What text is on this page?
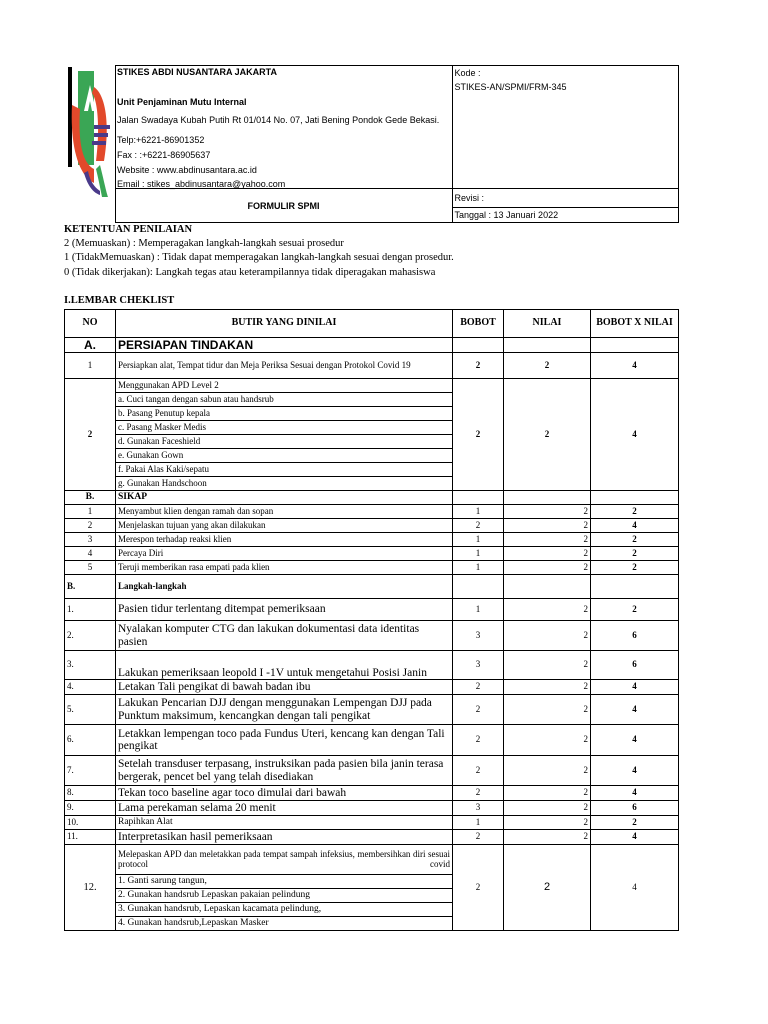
		Kode :
STIKES-AN/SPMI/FRM-345

	FORMULIR SPMI	Revisi :
		Tanggal : 13 Januari 2022
STIKES ABDI NUSANTARA JAKARTA
Unit Penjaminan Mutu Internal
Jalan Swadaya Kubah Putih Rt 01/014 No. 07, Jati Bening Pondok Gede Bekasi.
Telp:+6221-86901352
Fax : :+6221-86905637
Website : www.abdinusantara.ac.id
Email : stikes_abdinusantara@yahoo.com
KETENTUAN PENILAIAN
2 (Memuaskan) : Memperagakan langkah-langkah sesuai prosedur
1 (TidakMemuaskan) : Tidak dapat memperagakan langkah-langkah sesuai dengan prosedur.
0 (Tidak dikerjakan): Langkah tegas atau keterampilannya tidak diperagakan mahasiswa
I.LEMBAR CHEKLIST
NO	BUTIR YANG DINILAI	BOBOT	NILAI	BOBOT X NILAI
A.	PERSIAPAN TINDAKAN			
1	Persiapkan alat, Tempat tidur dan Meja Periksa Sesuai dengan Protokol Covid 19	2	2	4
2	Menggunakan APD Level 2	2	2	4
	a. Cuci tangan dengan sabun atau handsrub			
	b. Pasang Penutup kepala			
	c. Pasang Masker Medis			
	d. Gunakan Faceshield			
	e. Gunakan Gown			
	f. Pakai Alas Kaki/sepatu			
	g. Gunakan Handschoon			
B.	SIKAP			
1	Menyambut klien dengan ramah dan sopan	1	2	2
2	Menjelaskan tujuan yang akan dilakukan	2	2	4
3	Merespon terhadap reaksi klien	1	2	2
4	Percaya Diri	1	2	2
5	Teruji memberikan rasa empati pada klien	1	2	2
B.	Langkah-langkah			
1.	Pasien tidur terlentang ditempat pemeriksaan	1	2	2
2.	Nyalakan komputer CTG dan lakukan dokumentasi data identitas pasien	3	2	6
3.	Lakukan pemeriksaan leopold I -1V untuk mengetahui Posisi Janin	3	2	6
4.	Letakan Tali pengikat di bawah badan ibu	2	2	4
5.	Lakukan Pencarian DJJ dengan menggunakan Lempengan DJJ pada Punktum maksimum, kencangkan dengan tali pengikat	2	2	4
6.	Letakkan lempengan toco pada Fundus Uteri, kencang kan dengan Tali pengikat	2	2	4
7.	Setelah transduser terpasang, instruksikan pada pasien bila janin terasa bergerak, pencet bel yang telah disediakan	2	2	4
8.	Tekan toco baseline agar toco dimulai dari bawah	2	2	4
9.	Lama perekaman selama 20 menit	3	2	6
10.	Rapihkan Alat	1	2	2
11.	Interpretasikan hasil pemeriksaan	2	2	4
12.	Melepaskan APD dan meletakkan pada tempat sampah infeksius, membersihkan diri sesuai protocol covid	2	2	4
	1. Ganti sarung tangun,			
	2. Gunakan handsrub Lepaskan pakaian pelindung			
	3. Gunakan handsrub, Lepaskan kacamata pelindung,			
	4. Gunakan handsrub,Lepaskan Masker			
